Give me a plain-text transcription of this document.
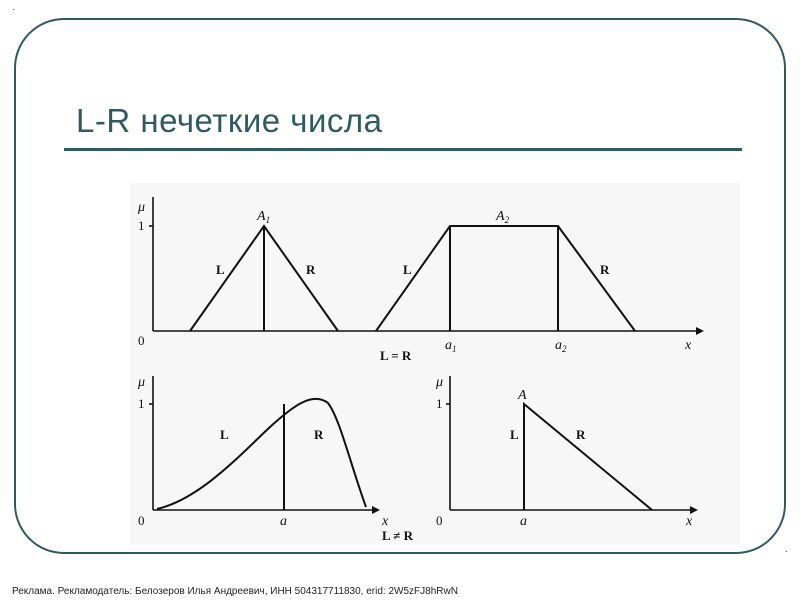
·
·
L-R нечеткие числа
μ
1
0
$A_1$
L	R
$A_2$
L	R
$a_1$	$a_2$	x
L = R
μ
1
0
L	R
a	x
L ≠ R
μ
1
0
A
L	R
a	x
Реклама. Рекламодатель: Белозеров Илья Андреевич, ИНН 504317711830, erid: 2W5zFJ8hRwN
